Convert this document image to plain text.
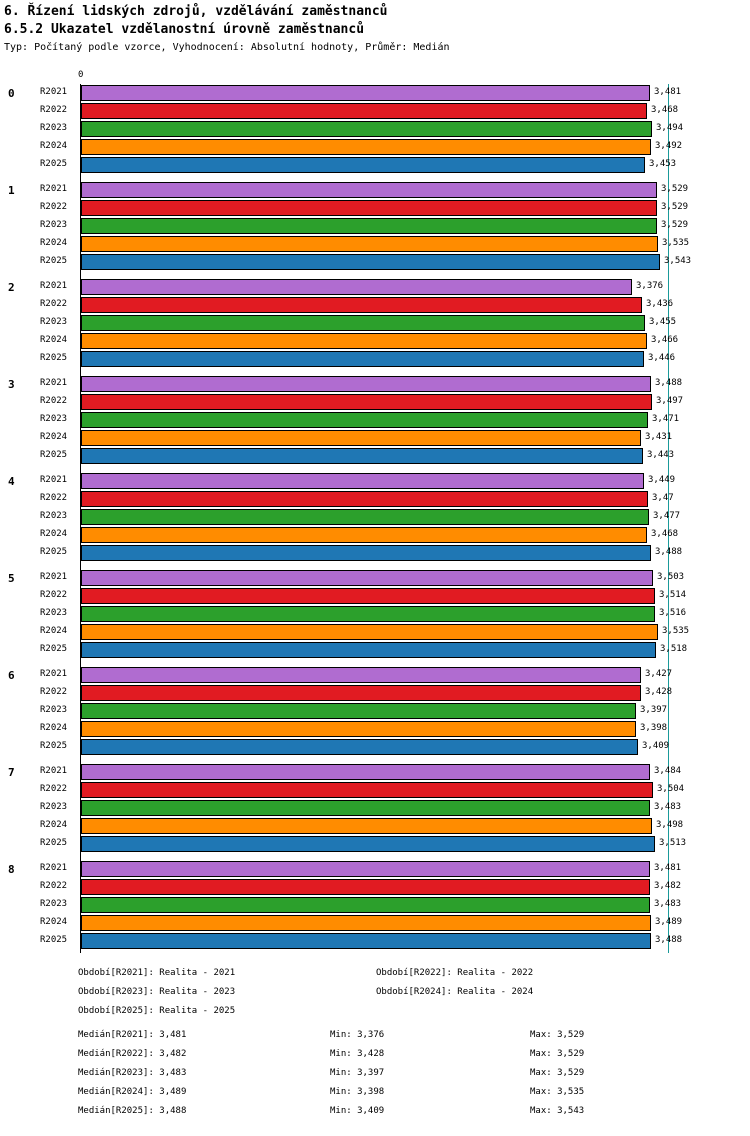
6. Řízení lidských zdrojů, vzdělávání zaměstnanců
6.5.2 Ukazatel vzdělanostní úrovně zaměstnanců
Typ: Počítaný podle vzorce, Vyhodnocení: Absolutní hodnoty, Průměr: Medián
0
0	R2021	3,481
R2022	3,468
R2023	3,494
R2024	3,492
R2025	3,453
1	R2021	3,529
R2022	3,529
R2023	3,529
R2024	3,535
R2025	3,543
2	R2021	3,376
R2022	3,436
R2023	3,455
R2024	3,466
R2025	3,446
3	R2021	3,488
R2022	3,497
R2023	3,471
R2024	3,431
R2025	3,443
4	R2021	3,449
R2022	3,47
R2023	3,477
R2024	3,468
R2025	3,488
5	R2021	3,503
R2022	3,514
R2023	3,516
R2024	3,535
R2025	3,518
6	R2021	3,427
R2022	3,428
R2023	3,397
R2024	3,398
R2025	3,409
7	R2021	3,484
R2022	3,504
R2023	3,483
R2024	3,498
R2025	3,513
8	R2021	3,481
R2022	3,482
R2023	3,483
R2024	3,489
R2025	3,488
Období[R2021]: Realita - 2021	Období[R2022]: Realita - 2022
Období[R2023]: Realita - 2023	Období[R2024]: Realita - 2024
Období[R2025]: Realita - 2025
Medián[R2021]: 3,481	Min: 3,376	Max: 3,529
Medián[R2022]: 3,482	Min: 3,428	Max: 3,529
Medián[R2023]: 3,483	Min: 3,397	Max: 3,529
Medián[R2024]: 3,489	Min: 3,398	Max: 3,535
Medián[R2025]: 3,488	Min: 3,409	Max: 3,543
